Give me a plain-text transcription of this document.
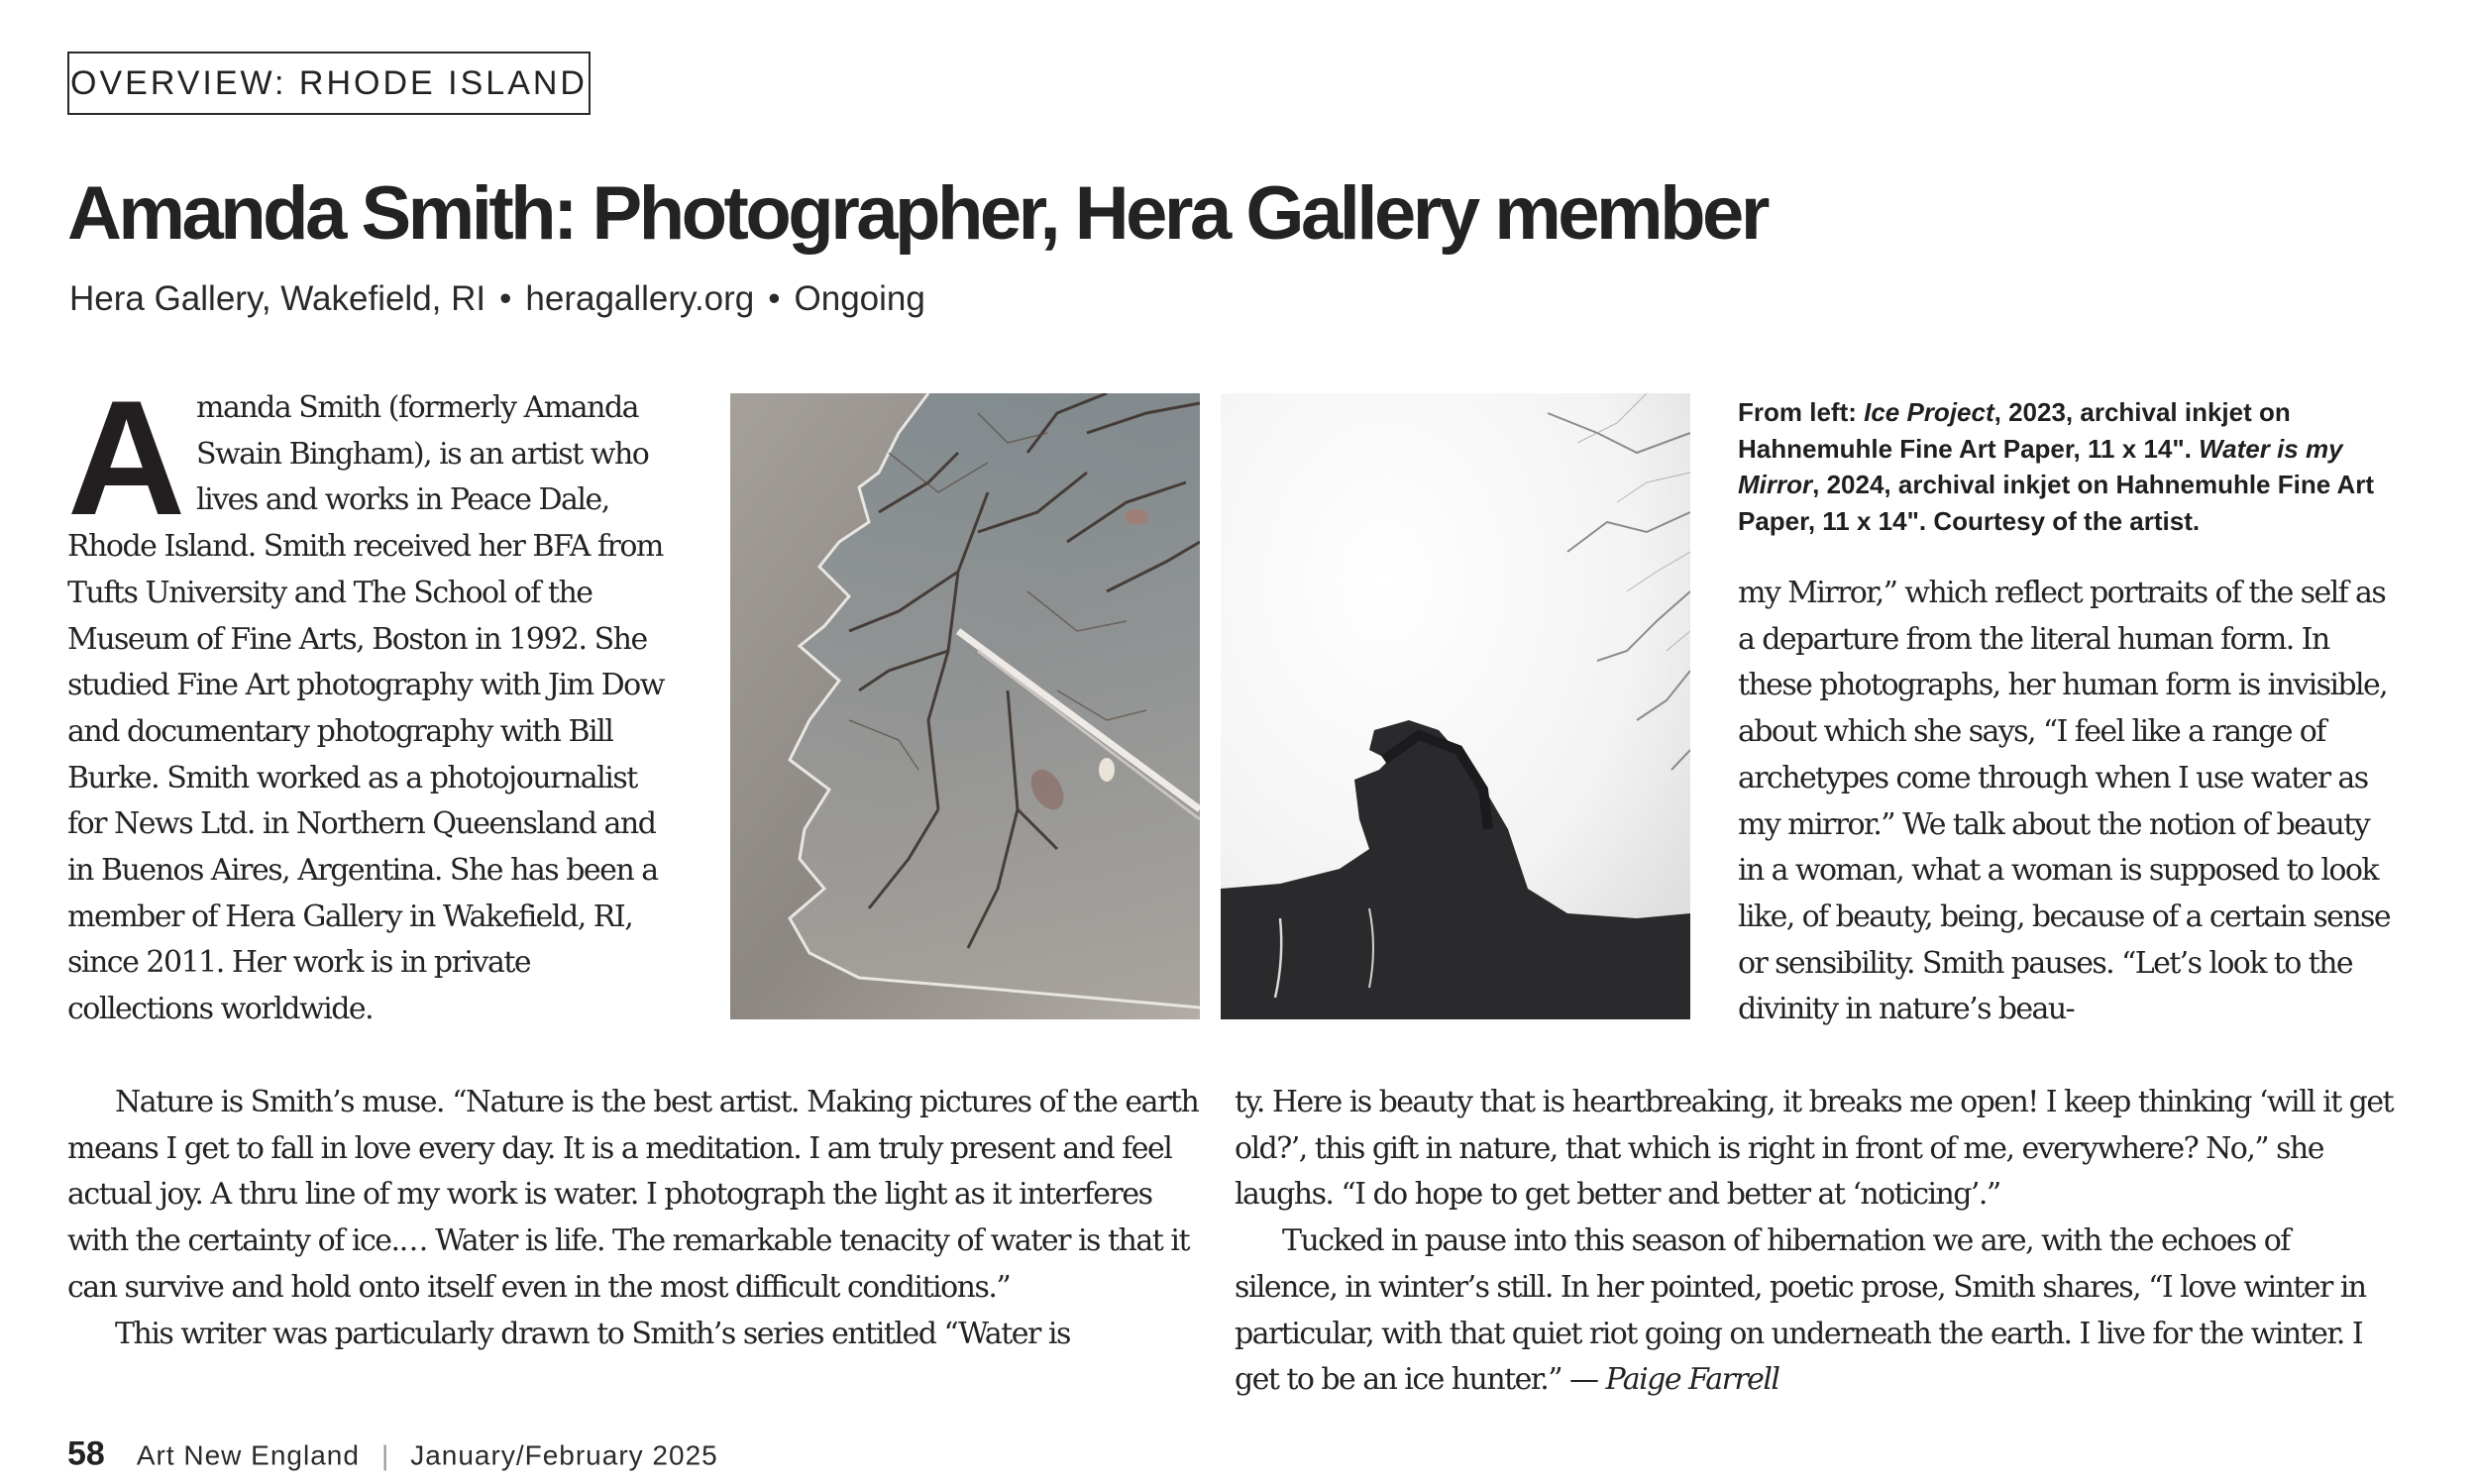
OVERVIEW: RHODE ISLAND
Amanda Smith: Photographer, Hera Gallery member
Hera Gallery, Wakefield, RI • heragallery.org • Ongoing

From left: Ice Project, 2023, archival inkjet on Hahnemuhle Fine Art Paper, 11 x 14". Water is my Mirror, 2024, archival inkjet on Hahnemuhle Fine Art Paper, 11 x 14". Courtesy of the artist.

A manda Smith (formerly Amanda Swain Bingham), is an artist who lives and works in Peace Dale, Rhode Island. Smith received her BFA from Tufts University and The School of the Museum of Fine Arts, Boston in 1992. She studied Fine Art photography with Jim Dow and documentary photography with Bill Burke. Smith worked as a photojournalist for News Ltd. in Northern Queensland and in Buenos Aires, Argentina. She has been a member of Hera Gallery in Wakefield, RI, since 2011. Her work is in private collections worldwide.

Nature is Smith’s muse. “Nature is the best artist. Making pictures of the earth means I get to fall in love every day. It is a meditation. I am truly present and feel actual joy. A thru line of my work is water. I photograph the light as it interferes with the certainty of ice.… Water is life. The remarkable tenacity of water is that it can survive and hold onto itself even in the most difficult conditions.”

This writer was particularly drawn to Smith’s series entitled “Water is

my Mirror,” which reflect portraits of the self as a departure from the literal human form. In these photographs, her human form is invisible, about which she says, “I feel like a range of archetypes come through when I use water as my mirror.” We talk about the notion of beauty in a woman, what a woman is supposed to look like, of beauty, being, because of a certain sense or sensibility. Smith pauses. “Let’s look to the divinity in nature’s beau-

ty. Here is beauty that is heartbreaking, it breaks me open! I keep thinking ‘will it get old?’, this gift in nature, that which is right in front of me, everywhere? No,” she laughs. “I do hope to get better and better at ‘noticing’.”

Tucked in pause into this season of hibernation we are, with the echoes of silence, in winter’s still. In her pointed, poetic prose, Smith shares, “I love winter in particular, with that quiet riot going on underneath the earth. I live for the winter. I get to be an ice hunter.” — Paige Farrell

58 Art New England | January/February 2025
